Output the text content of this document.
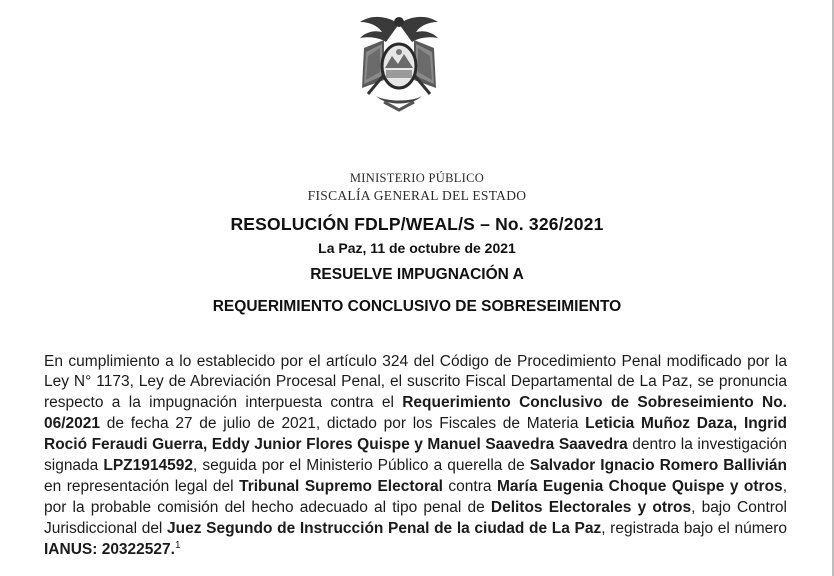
MINISTERIO PÚBLICO
FISCALÍA GENERAL DEL ESTADO
RESOLUCIÓN FDLP/WEAL/S – No. 326/2021
La Paz, 11 de octubre de 2021
RESUELVE IMPUGNACIÓN A
REQUERIMIENTO CONCLUSIVO DE SOBRESEIMIENTO

En cumplimiento a lo establecido por el artículo 324 del Código de Procedimiento Penal modificado por la Ley N° 1173, Ley de Abreviación Procesal Penal, el suscrito Fiscal Departamental de La Paz, se pronuncia respecto a la impugnación interpuesta contra el Requerimiento Conclusivo de Sobreseimiento No. 06/2021 de fecha 27 de julio de 2021, dictado por los Fiscales de Materia Leticia Muñoz Daza, Ingrid Roció Feraudi Guerra, Eddy Junior Flores Quispe y Manuel Saavedra Saavedra dentro la investigación signada LPZ1914592, seguida por el Ministerio Público a querella de Salvador Ignacio Romero Ballivián en representación legal del Tribunal Supremo Electoral contra María Eugenia Choque Quispe y otros, por la probable comisión del hecho adecuado al tipo penal de Delitos Electorales y otros, bajo Control Jurisdiccional del Juez Segundo de Instrucción Penal de la ciudad de La Paz, registrada bajo el número IANUS: 20322527.$^1$
